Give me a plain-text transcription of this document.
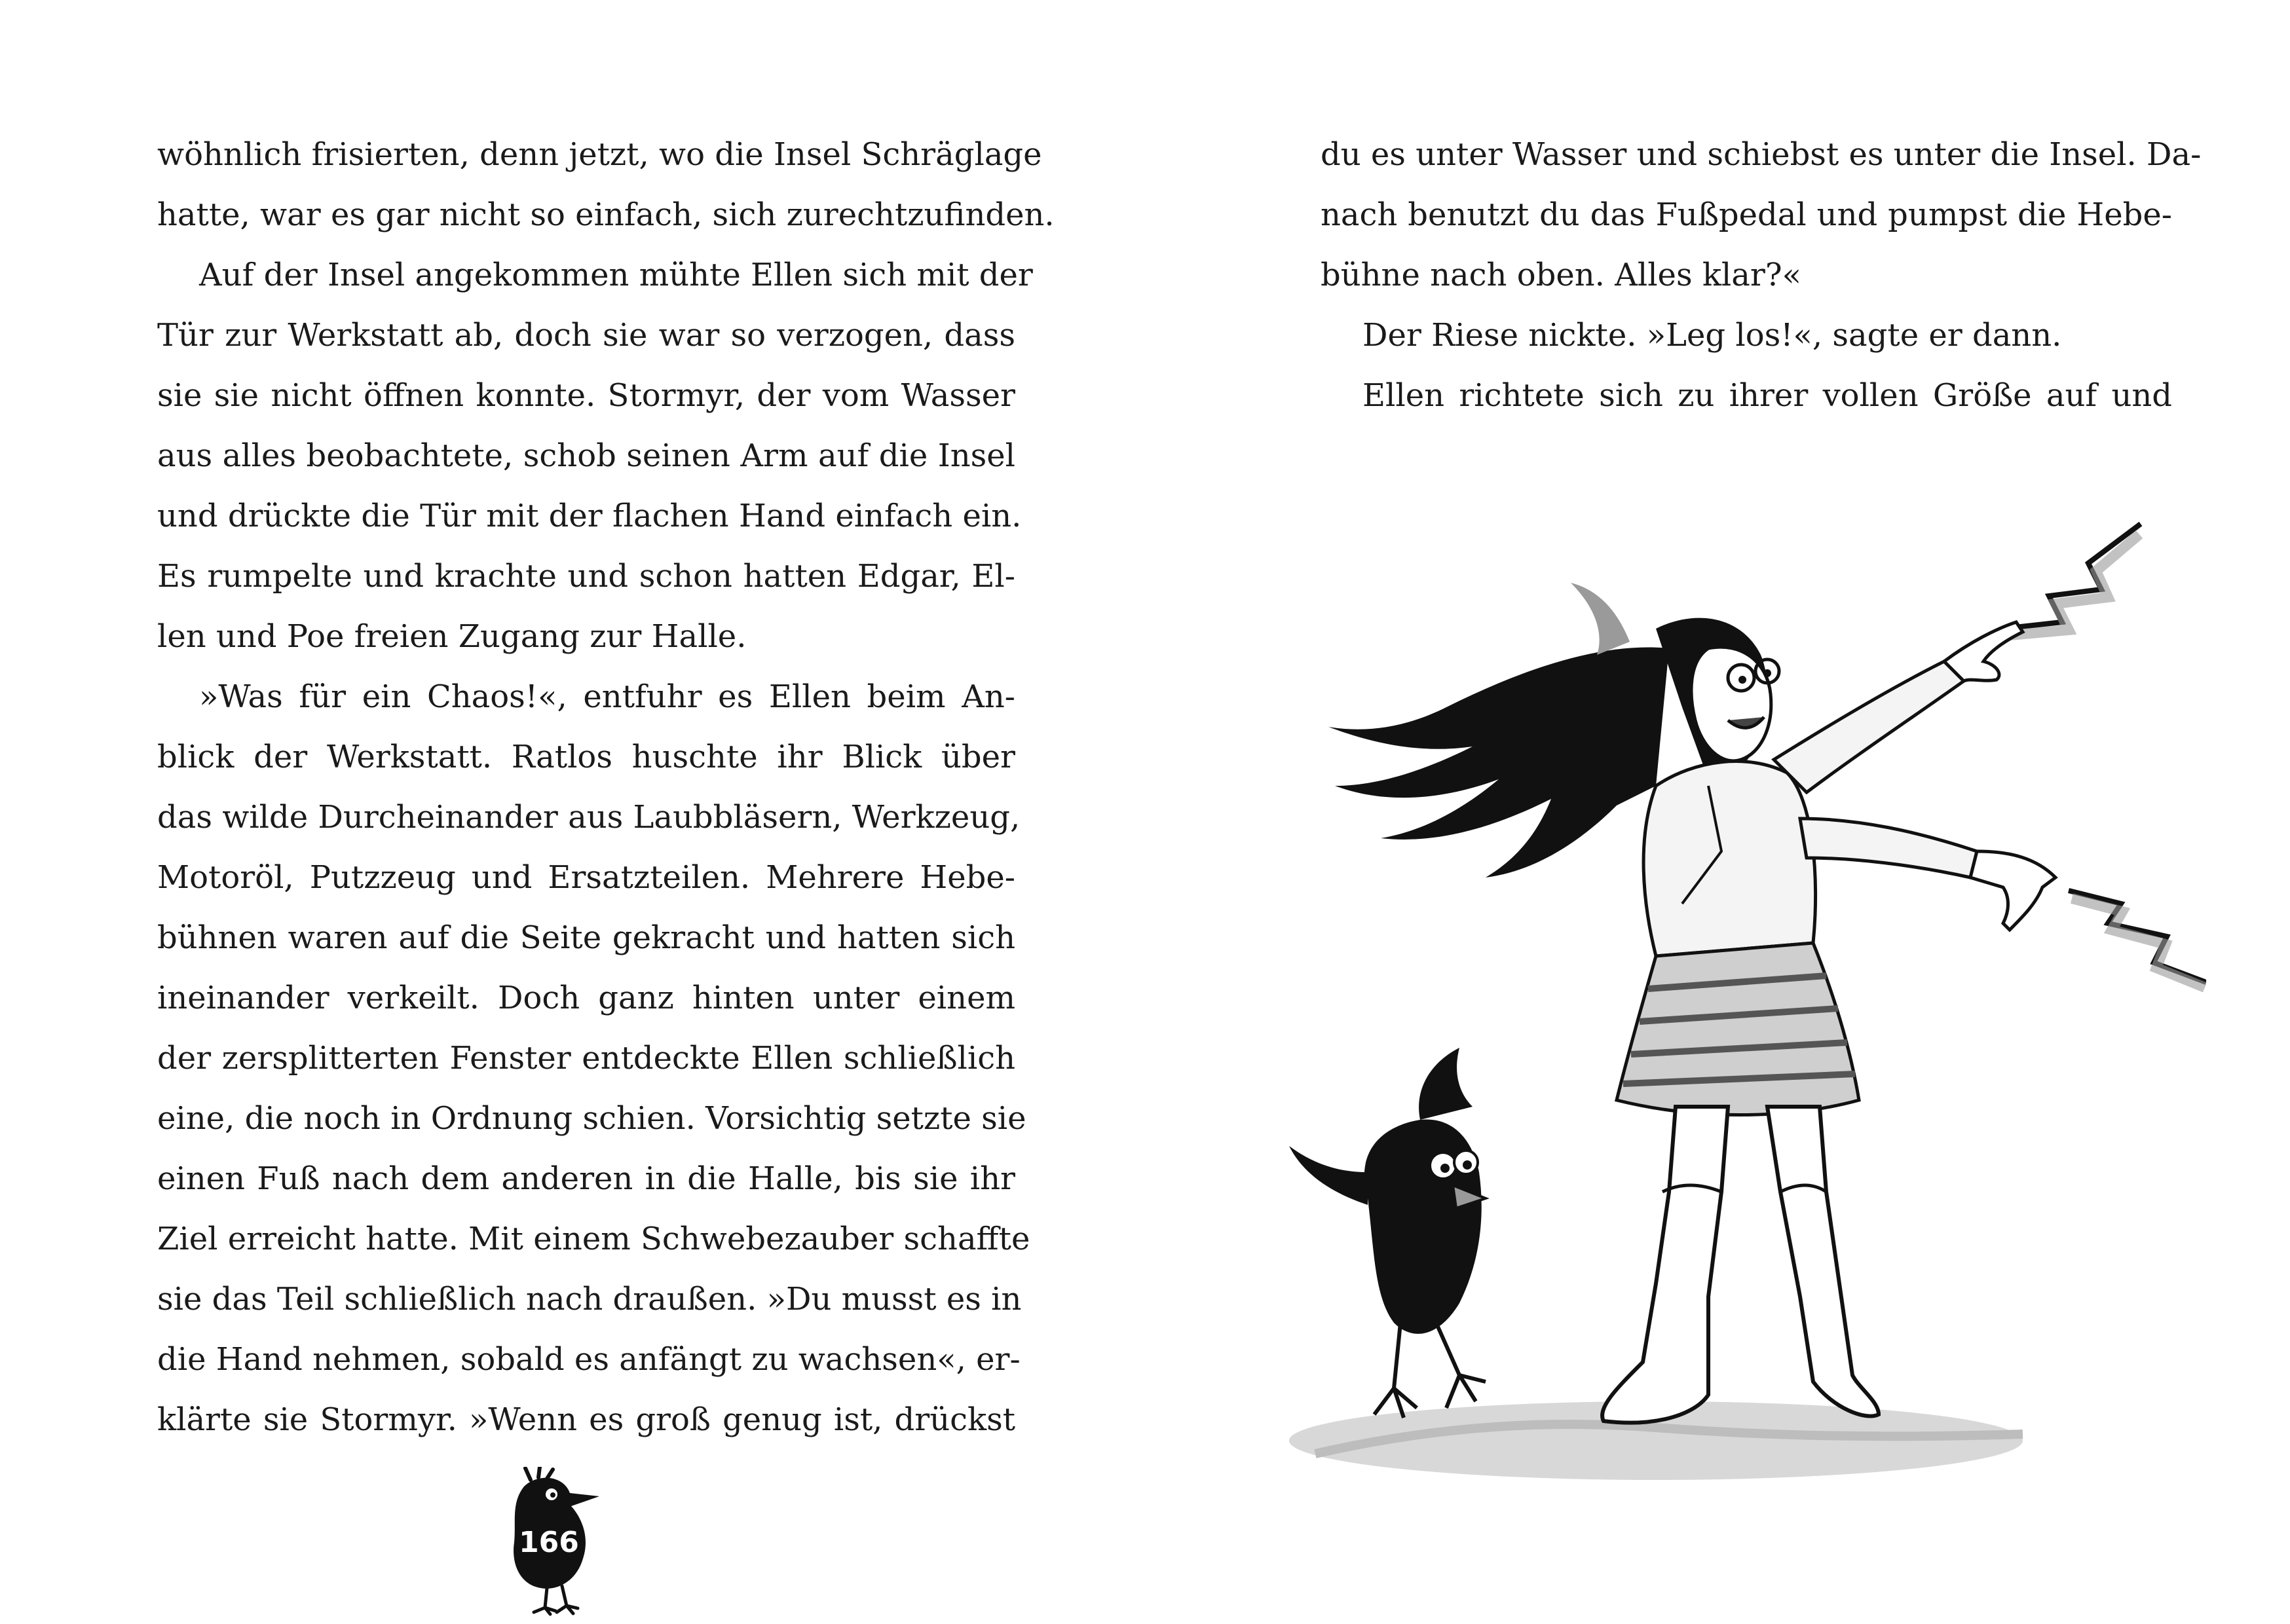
wöhnlich frisierten, denn jetzt, wo die Insel Schräglage
hatte, war es gar nicht so einfach, sich zurechtzufinden.
Auf der Insel angekommen mühte Ellen sich mit der
Tür zur Werkstatt ab, doch sie war so verzogen, dass
sie sie nicht öffnen konnte. Stormyr, der vom Wasser
aus alles beobachtete, schob seinen Arm auf die Insel
und drückte die Tür mit der flachen Hand einfach ein.
Es rumpelte und krachte und schon hatten Edgar, El-
len und Poe freien Zugang zur Halle.
»Was für ein Chaos!«, entfuhr es Ellen beim An-
blick der Werkstatt. Ratlos huschte ihr Blick über
das wilde Durcheinander aus Laubbläsern, Werkzeug,
Motoröl, Putzzeug und Ersatzteilen. Mehrere Hebe-
bühnen waren auf die Seite gekracht und hatten sich
ineinander verkeilt. Doch ganz hinten unter einem
der zersplitterten Fenster entdeckte Ellen schließlich
eine, die noch in Ordnung schien. Vorsichtig setzte sie
einen Fuß nach dem anderen in die Halle, bis sie ihr
Ziel erreicht hatte. Mit einem Schwebezauber schaffte
sie das Teil schließlich nach draußen. »Du musst es in
die Hand nehmen, sobald es anfängt zu wachsen«, er-
klärte sie Stormyr. »Wenn es groß genug ist, drückst
166
du es unter Wasser und schiebst es unter die Insel. Da-
nach benutzt du das Fußpedal und pumpst die Hebe-
bühne nach oben. Alles klar?«
Der Riese nickte. »Leg los!«, sagte er dann.
Ellen richtete sich zu ihrer vollen Größe auf und
